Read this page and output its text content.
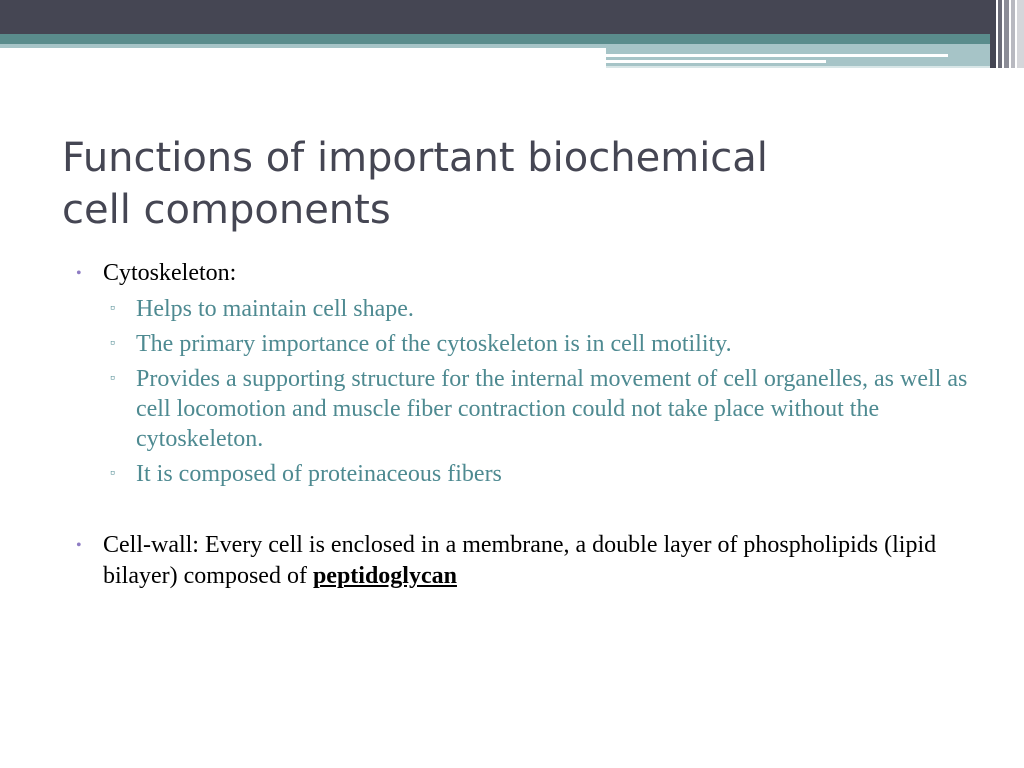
Functions of important biochemical
cell components
• Cytoskeleton:
▫ Helps to maintain cell shape.
▫ The primary importance of the cytoskeleton is in cell motility.
▫ Provides a supporting structure for the internal movement of cell organelles, as well as cell locomotion and muscle fiber contraction could not take place without the cytoskeleton.
▫ It is composed of proteinaceous fibers
• Cell-wall: Every cell is enclosed in a membrane, a double layer of phospholipids (lipid bilayer) composed of peptidoglycan
